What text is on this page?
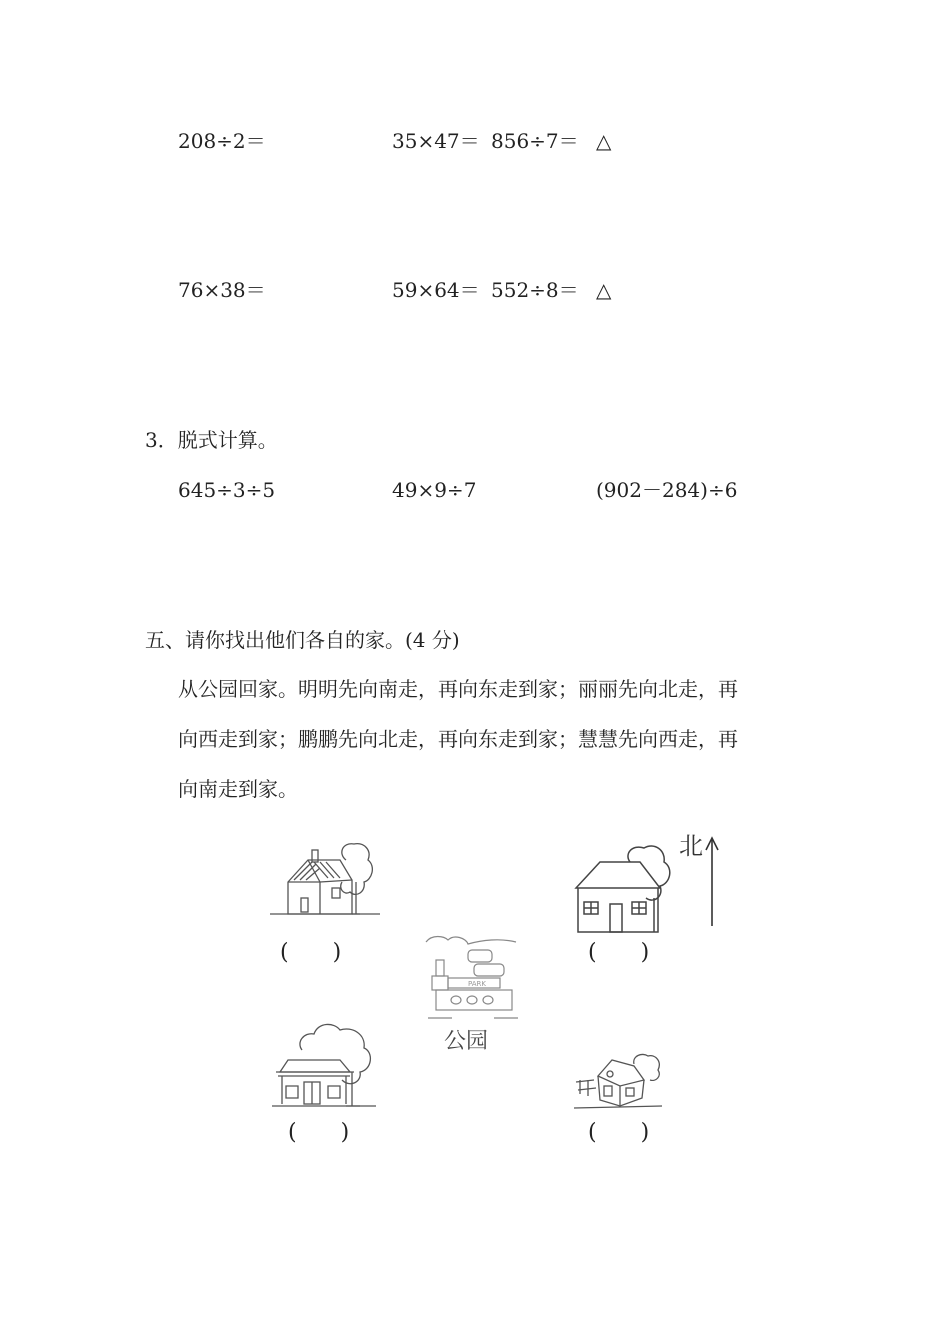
208÷2＝	35×47＝ 856÷7＝ △
76×38＝	59×64＝ 552÷8＝ △
3．脱式计算。
645÷3÷5	49×9÷7	(902－284)÷6
五、请你找出他们各自的家。(4 分)
从公园回家。明明先向南走，再向东走到家；丽丽先向北走，再
向西走到家；鹏鹏先向北走，再向东走到家；慧慧先向西走，再
向南走到家。
(　　)	(　　)
北
PARK
公园
(　　)	(　　)
